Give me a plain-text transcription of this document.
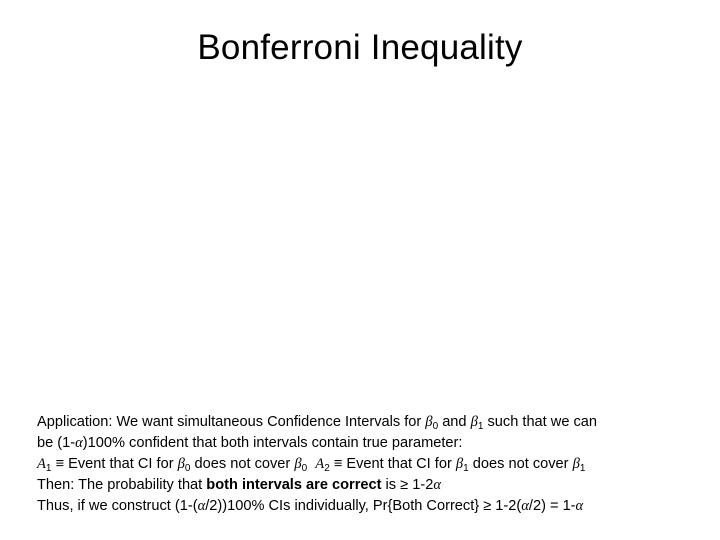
Bonferroni Inequality
Application: We want simultaneous Confidence Intervals for $\beta_0$ and $\beta_1$ such that we can
be (1-α)100% confident that both intervals contain true parameter:
$A_1$ ≡ Event that CI for $\beta_0$ does not cover $\beta_0$ $A_2$ ≡ Event that CI for $\beta_1$ does not cover $\beta_1$
Then: The probability that both intervals are correct is ≥ 1-2α
Thus, if we construct (1-(α/2))100% CIs individually, Pr{Both Correct} ≥ 1-2(α/2) = 1-α
